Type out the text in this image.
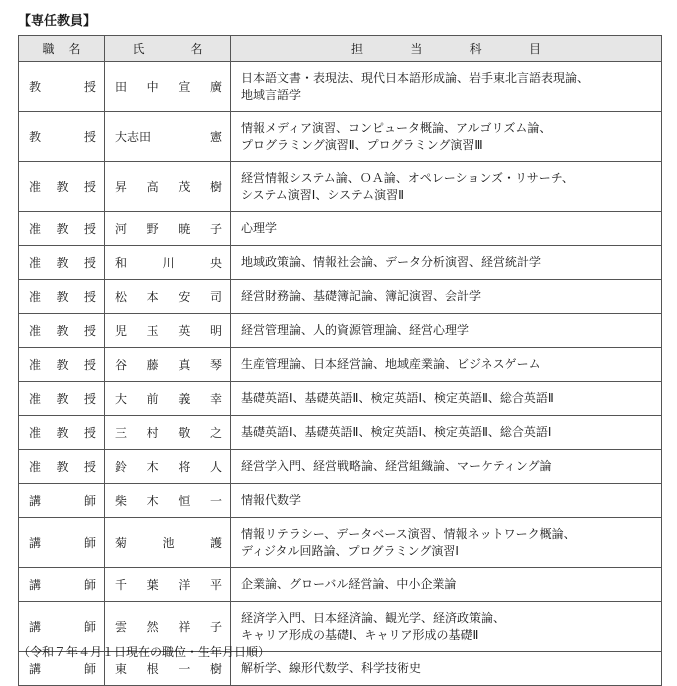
【専任教員】
職 名	氏 名	担 当 科 目

教 授	田 中 宣 廣	日本語文書・表現法、現代日本語形成論、岩手東北言語表現論、
地域言語学

教 授	大志田 憲	情報メディア演習、コンピュータ概論、アルゴリズム論、
プログラミング演習Ⅱ、プログラミング演習Ⅲ

准 教 授	昇 高 茂 樹	経営情報システム論、ＯＡ論、オペレーションズ・リサーチ、
システム演習Ⅰ、システム演習Ⅱ

准 教 授	河 野 暁 子	心理学

准 教 授	和 川 央	地域政策論、情報社会論、データ分析演習、経営統計学

准 教 授	松 本 安 司	経営財務論、基礎簿記論、簿記演習、会計学

准 教 授	児 玉 英 明	経営管理論、人的資源管理論、経営心理学

准 教 授	谷 藤 真 琴	生産管理論、日本経営論、地域産業論、ビジネスゲーム

准 教 授	大 前 義 幸	基礎英語Ⅰ、基礎英語Ⅱ、検定英語Ⅰ、検定英語Ⅱ、総合英語Ⅱ

准 教 授	三 村 敬 之	基礎英語Ⅰ、基礎英語Ⅱ、検定英語Ⅰ、検定英語Ⅱ、総合英語Ⅰ

准 教 授	鈴 木 将 人	経営学入門、経営戦略論、経営組織論、マーケティング論

講 師	柴 木 恒 一	情報代数学

講 師	菊 池 護	情報リテラシー、データベース演習、情報ネットワーク概論、
ディジタル回路論、プログラミング演習Ⅰ

講 師	千 葉 洋 平	企業論、グローバル経営論、中小企業論

講 師	雲 然 祥 子	経済学入門、日本経済論、観光学、経済政策論、
キャリア形成の基礎Ⅰ、キャリア形成の基礎Ⅱ

講 師	東 根 一 樹	解析学、線形代数学、科学技術史
（令和７年４月１日現在の職位・生年月日順）
